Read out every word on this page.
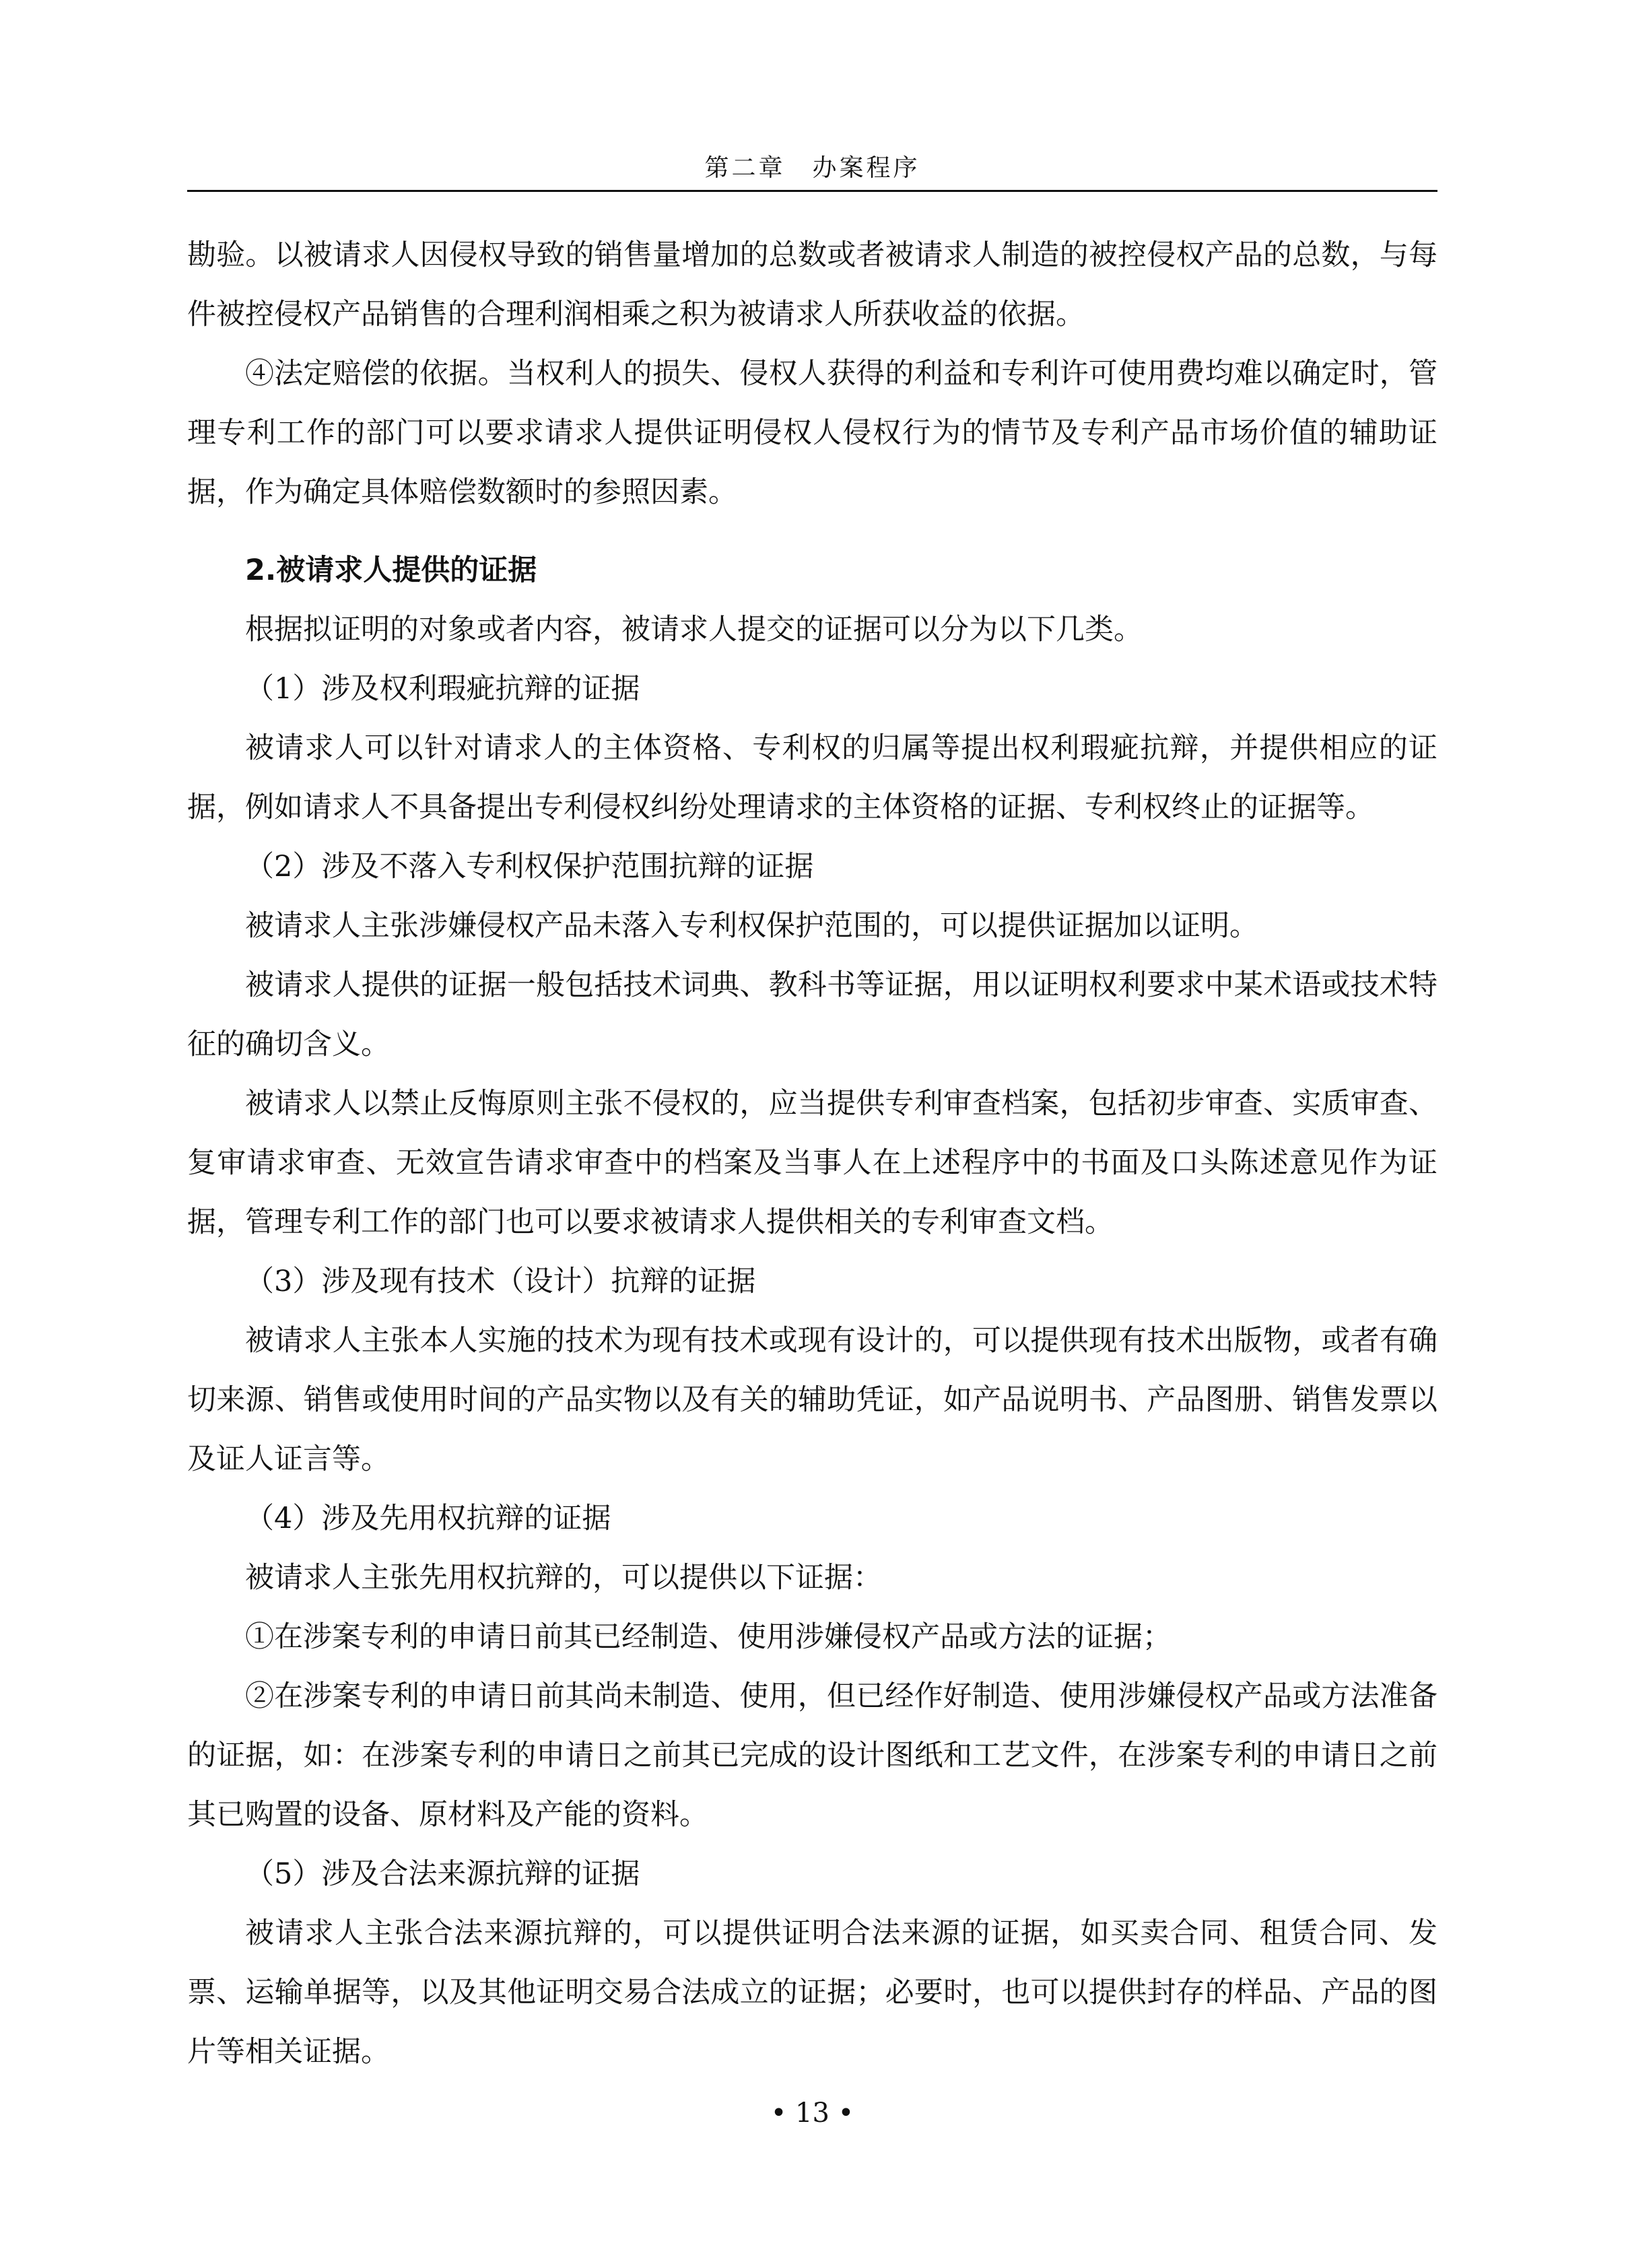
第二章　办案程序

勘验。以被请求人因侵权导致的销售量增加的总数或者被请求人制造的被控侵权产品的总数，与每件被控侵权产品销售的合理利润相乘之积为被请求人所获收益的依据。

④法定赔偿的依据。当权利人的损失、侵权人获得的利益和专利许可使用费均难以确定时，管理专利工作的部门可以要求请求人提供证明侵权人侵权行为的情节及专利产品市场价值的辅助证据，作为确定具体赔偿数额时的参照因素。

2.被请求人提供的证据

根据拟证明的对象或者内容，被请求人提交的证据可以分为以下几类。

（1）涉及权利瑕疵抗辩的证据

被请求人可以针对请求人的主体资格、专利权的归属等提出权利瑕疵抗辩，并提供相应的证据，例如请求人不具备提出专利侵权纠纷处理请求的主体资格的证据、专利权终止的证据等。

（2）涉及不落入专利权保护范围抗辩的证据

被请求人主张涉嫌侵权产品未落入专利权保护范围的，可以提供证据加以证明。

被请求人提供的证据一般包括技术词典、教科书等证据，用以证明权利要求中某术语或技术特征的确切含义。

被请求人以禁止反悔原则主张不侵权的，应当提供专利审查档案，包括初步审查、实质审查、复审请求审查、无效宣告请求审查中的档案及当事人在上述程序中的书面及口头陈述意见作为证据，管理专利工作的部门也可以要求被请求人提供相关的专利审查文档。

（3）涉及现有技术（设计）抗辩的证据

被请求人主张本人实施的技术为现有技术或现有设计的，可以提供现有技术出版物，或者有确切来源、销售或使用时间的产品实物以及有关的辅助凭证，如产品说明书、产品图册、销售发票以及证人证言等。

（4）涉及先用权抗辩的证据

被请求人主张先用权抗辩的，可以提供以下证据：

①在涉案专利的申请日前其已经制造、使用涉嫌侵权产品或方法的证据；

②在涉案专利的申请日前其尚未制造、使用，但已经作好制造、使用涉嫌侵权产品或方法准备的证据，如：在涉案专利的申请日之前其已完成的设计图纸和工艺文件，在涉案专利的申请日之前其已购置的设备、原材料及产能的资料。

（5）涉及合法来源抗辩的证据

被请求人主张合法来源抗辩的，可以提供证明合法来源的证据，如买卖合同、租赁合同、发票、运输单据等，以及其他证明交易合法成立的证据；必要时，也可以提供封存的样品、产品的图片等相关证据。

• 13 •
